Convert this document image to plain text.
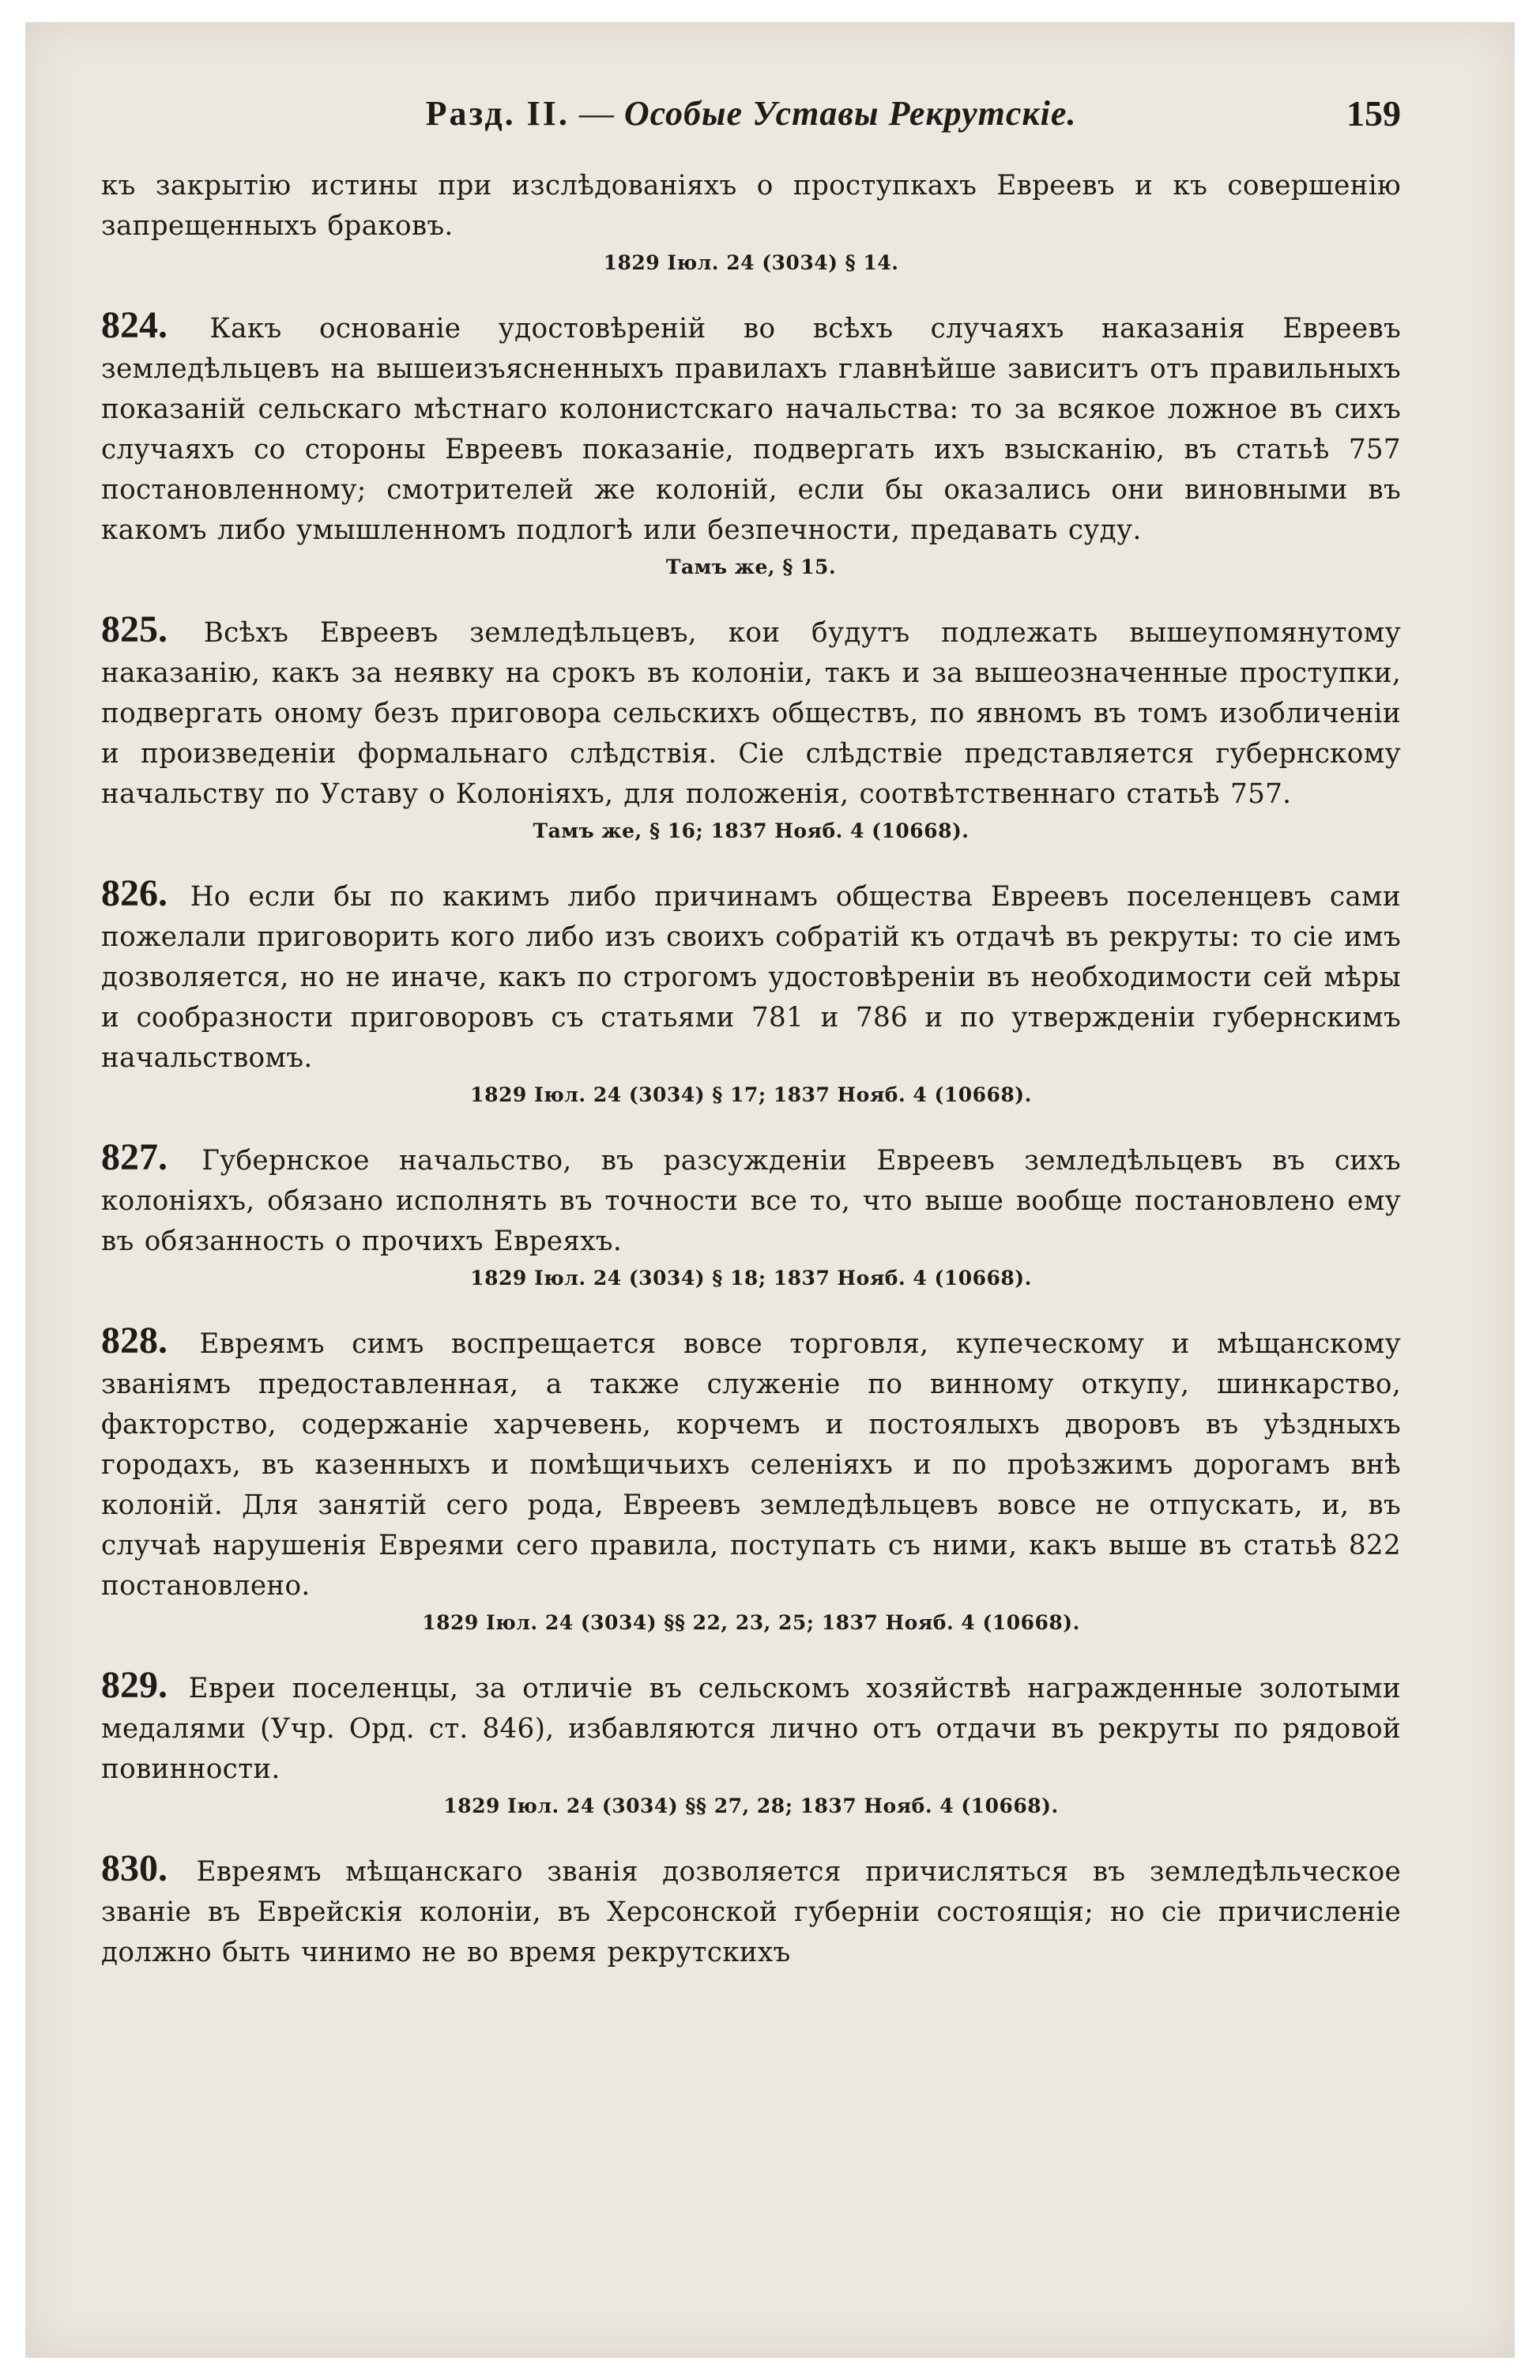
Разд. II. — Особые Уставы Рекрутскiе.	159

къ закрытiю истины при изслѣдованiяхъ о проступкахъ Евреевъ и къ совершенiю запрещенныхъ браковъ.

1829 Iюл. 24 (3034) § 14.

824. Какъ основанiе удостовѣренiй во всѣхъ случаяхъ наказанiя Евреевъ земледѣльцевъ на вышеизъясненныхъ правилахъ главнѣйше зависитъ отъ правильныхъ показанiй сельскаго мѣстнаго колонистскаго начальства: то за всякое ложное въ сихъ случаяхъ со стороны Евреевъ показанiе, подвергать ихъ взысканiю, въ статьѣ 757 постановленному; смотрителей же колонiй, если бы оказались они виновными въ какомъ либо умышленномъ подлогѣ или безпечности, предавать суду.

Тамъ же, § 15.

825. Всѣхъ Евреевъ земледѣльцевъ, кои будутъ подлежать вышеупомянутому наказанiю, какъ за неявку на срокъ въ колонiи, такъ и за вышеозначенные проступки, подвергать оному безъ приговора сельскихъ обществъ, по явномъ въ томъ изобличенiи и произведенiи формальнаго слѣдствiя. Сiе слѣдствiе представляется губернскому начальству по Уставу о Колонiяхъ, для положенiя, соотвѣтственнаго статьѣ 757.

Тамъ же, § 16; 1837 Нояб. 4 (10668).

826. Но если бы по какимъ либо причинамъ общества Евреевъ поселенцевъ сами пожелали приговорить кого либо изъ своихъ собратiй къ отдачѣ въ рекруты: то сiе имъ дозволяется, но не иначе, какъ по строгомъ удостовѣренiи въ необходимости сей мѣры и сообразности приговоровъ съ статьями 781 и 786 и по утвержденiи губернскимъ начальствомъ.

1829 Iюл. 24 (3034) § 17; 1837 Нояб. 4 (10668).

827. Губернское начальство, въ разсужденiи Евреевъ земледѣльцевъ въ сихъ колонiяхъ, обязано исполнять въ точности все то, что выше вообще постановлено ему въ обязанность о прочихъ Евреяхъ.

1829 Iюл. 24 (3034) § 18; 1837 Нояб. 4 (10668).

828. Евреямъ симъ воспрещается вовсе торговля, купеческому и мѣщанскому званiямъ предоставленная, а также служенiе по винному откупу, шинкарство, факторство, содержанiе харчевень, корчемъ и постоялыхъ дворовъ въ уѣздныхъ городахъ, въ казенныхъ и помѣщичьихъ селенiяхъ и по проѣзжимъ дорогамъ внѣ колонiй. Для занятiй сего рода, Евреевъ земледѣльцевъ вовсе не отпускать, и, въ случаѣ нарушенiя Евреями сего правила, поступать съ ними, какъ выше въ статьѣ 822 постановлено.

1829 Iюл. 24 (3034) §§ 22, 23, 25; 1837 Нояб. 4 (10668).

829. Евреи поселенцы, за отличiе въ сельскомъ хозяйствѣ награжденные золотыми медалями (Учр. Орд. ст. 846), избавляются лично отъ отдачи въ рекруты по рядовой повинности.

1829 Iюл. 24 (3034) §§ 27, 28; 1837 Нояб. 4 (10668).

830. Евреямъ мѣщанскаго званiя дозволяется причисляться въ земледѣльческое званiе въ Еврейскiя колонiи, въ Херсонской губернiи состоящiя; но сiе причисленiе должно быть чинимо не во время рекрутскихъ
